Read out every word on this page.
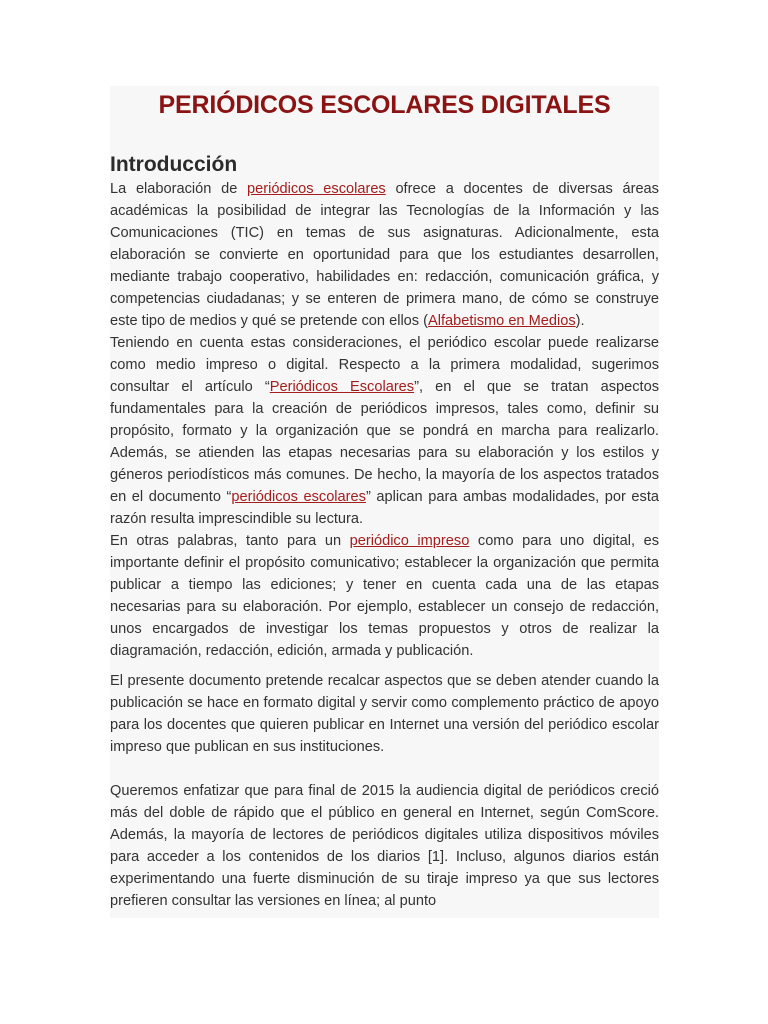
PERIÓDICOS ESCOLARES DIGITALES
Introducción

La elaboración de periódicos escolares ofrece a docentes de diversas áreas académicas la posibilidad de integrar las Tecnologías de la Información y las Comunicaciones (TIC) en temas de sus asignaturas. Adicionalmente, esta elaboración se convierte en oportunidad para que los estudiantes desarrollen, mediante trabajo cooperativo, habilidades en: redacción, comunicación gráfica, y competencias ciudadanas; y se enteren de primera mano, de cómo se construye este tipo de medios y qué se pretende con ellos (Alfabetismo en Medios).

Teniendo en cuenta estas consideraciones, el periódico escolar puede realizarse como medio impreso o digital. Respecto a la primera modalidad, sugerimos consultar el artículo “Periódicos Escolares”, en el que se tratan aspectos fundamentales para la creación de periódicos impresos, tales como, definir su propósito, formato y la organización que se pondrá en marcha para realizarlo. Además, se atienden las etapas necesarias para su elaboración y los estilos y géneros periodísticos más comunes. De hecho, la mayoría de los aspectos tratados en el documento “periódicos escolares” aplican para ambas modalidades, por esta razón resulta imprescindible su lectura.

En otras palabras, tanto para un periódico impreso como para uno digital, es importante definir el propósito comunicativo; establecer la organización que permita publicar a tiempo las ediciones; y tener en cuenta cada una de las etapas necesarias para su elaboración. Por ejemplo, establecer un consejo de redacción, unos encargados de investigar los temas propuestos y otros de realizar la diagramación, redacción, edición, armada y publicación.

El presente documento pretende recalcar aspectos que se deben atender cuando la publicación se hace en formato digital y servir como complemento práctico de apoyo para los docentes que quieren publicar en Internet una versión del periódico escolar impreso que publican en sus instituciones.

Queremos enfatizar que para final de 2015 la audiencia digital de periódicos creció más del doble de rápido que el público en general en Internet, según ComScore. Además, la mayoría de lectores de periódicos digitales utiliza dispositivos móviles para acceder a los contenidos de los diarios [1]. Incluso, algunos diarios están experimentando una fuerte disminución de su tiraje impreso ya que sus lectores prefieren consultar las versiones en línea; al punto
